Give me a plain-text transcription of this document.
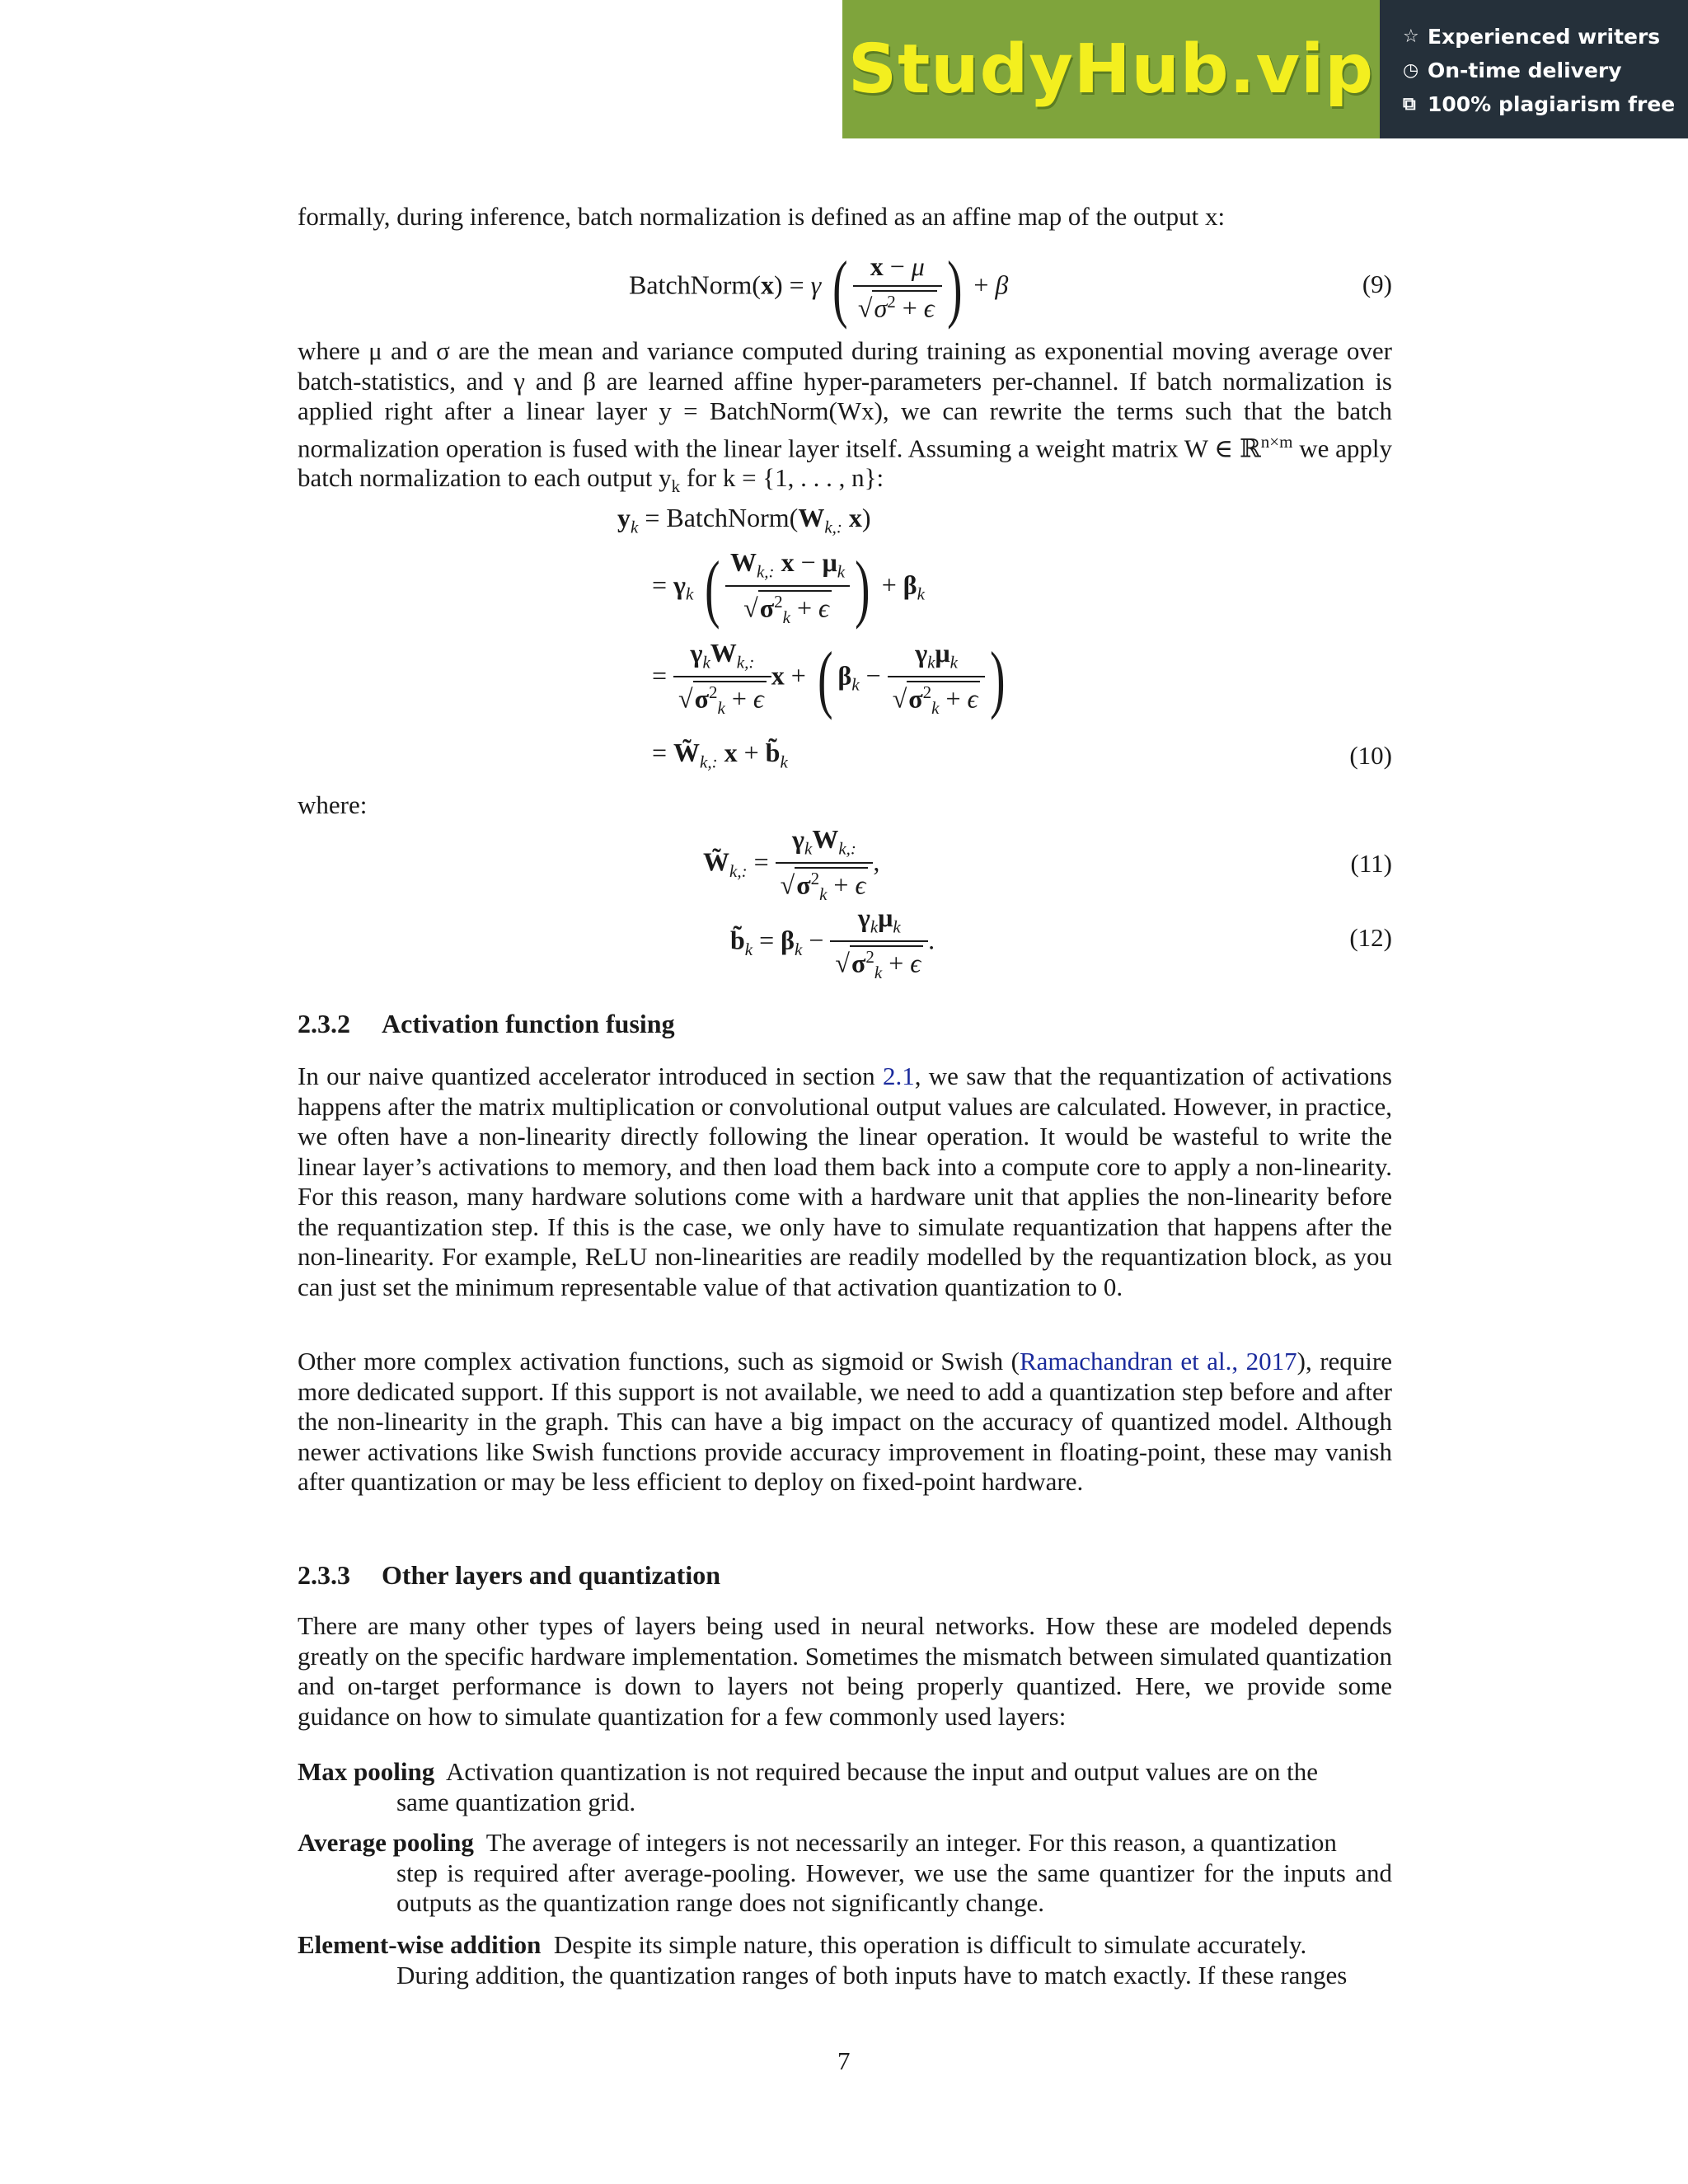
StudyHub.vip ☆ Experienced writers
◷ On-time delivery
⧉ 100% plagiarism free
formally, during inference, batch normalization is defined as an affine map of the output x:
BatchNorm(x) = γ ( $\frac{x - \mu}{√\sigma^2 + \epsilon}$ ) + β	(9)
where μ and σ are the mean and variance computed during training as exponential moving average over batch-statistics, and γ and β are learned affine hyper-parameters per-channel. If batch normalization is applied right after a linear layer y = BatchNorm(Wx), we can rewrite the terms such that the batch normalization operation is fused with the linear layer itself. Assuming a weight matrix W ∈ ℝ$^{n\times m}$ we apply batch normalization to each output $y_k$ for k = {1, . . . , n}:
$y_k$ = $BatchNorm(W_{k,:}$ x)
= $\gamma_k$ ( $\frac{W_{k,:} x - \mu_k}{√\sigma^2_k + \epsilon}$ ) + $\beta_k$
= $\frac{\gamma_kW_{k,:}}{√\sigma^2_k + \epsilon}$ x + ( $\beta_k - \frac{\gamma_k\mu_k}{√\sigma^2_k + \epsilon}$ )
= $W̃_{k,:}$ $x + b̃_k$	(10)
where:
$W̃_{k,:} = \frac{\gamma_kW_{k,:}}{√\sigma^2_k + \epsilon}$ ,	(11)
$b̃_k = \beta_k - \frac{\gamma_k\mu_k}{√\sigma^2_k + \epsilon}$ .	(12)
2.3.2 Activation function fusing
In our naive quantized accelerator introduced in section 2.1, we saw that the requantization of activations happens after the matrix multiplication or convolutional output values are calculated. However, in practice, we often have a non-linearity directly following the linear operation. It would be wasteful to write the linear layer’s activations to memory, and then load them back into a compute core to apply a non-linearity. For this reason, many hardware solutions come with a hardware unit that applies the non-linearity before the requantization step. If this is the case, we only have to simulate requantization that happens after the non-linearity. For example, ReLU non-linearities are readily modelled by the requantization block, as you can just set the minimum representable value of that activation quantization to 0.
Other more complex activation functions, such as sigmoid or Swish (Ramachandran et al., 2017), require more dedicated support. If this support is not available, we need to add a quantization step before and after the non-linearity in the graph. This can have a big impact on the accuracy of quantized model. Although newer activations like Swish functions provide accuracy improvement in floating-point, these may vanish after quantization or may be less efficient to deploy on fixed-point hardware.
2.3.3 Other layers and quantization
There are many other types of layers being used in neural networks. How these are modeled depends greatly on the specific hardware implementation. Sometimes the mismatch between simulated quantization and on-target performance is down to layers not being properly quantized. Here, we provide some guidance on how to simulate quantization for a few commonly used layers:
Max pooling Activation quantization is not required because the input and output values are on the
same quantization grid.
Average pooling The average of integers is not necessarily an integer. For this reason, a quantization
step is required after average-pooling. However, we use the same quantizer for the inputs and outputs as the quantization range does not significantly change.
Element-wise addition Despite its simple nature, this operation is difficult to simulate accurately.
During addition, the quantization ranges of both inputs have to match exactly. If these ranges
7
